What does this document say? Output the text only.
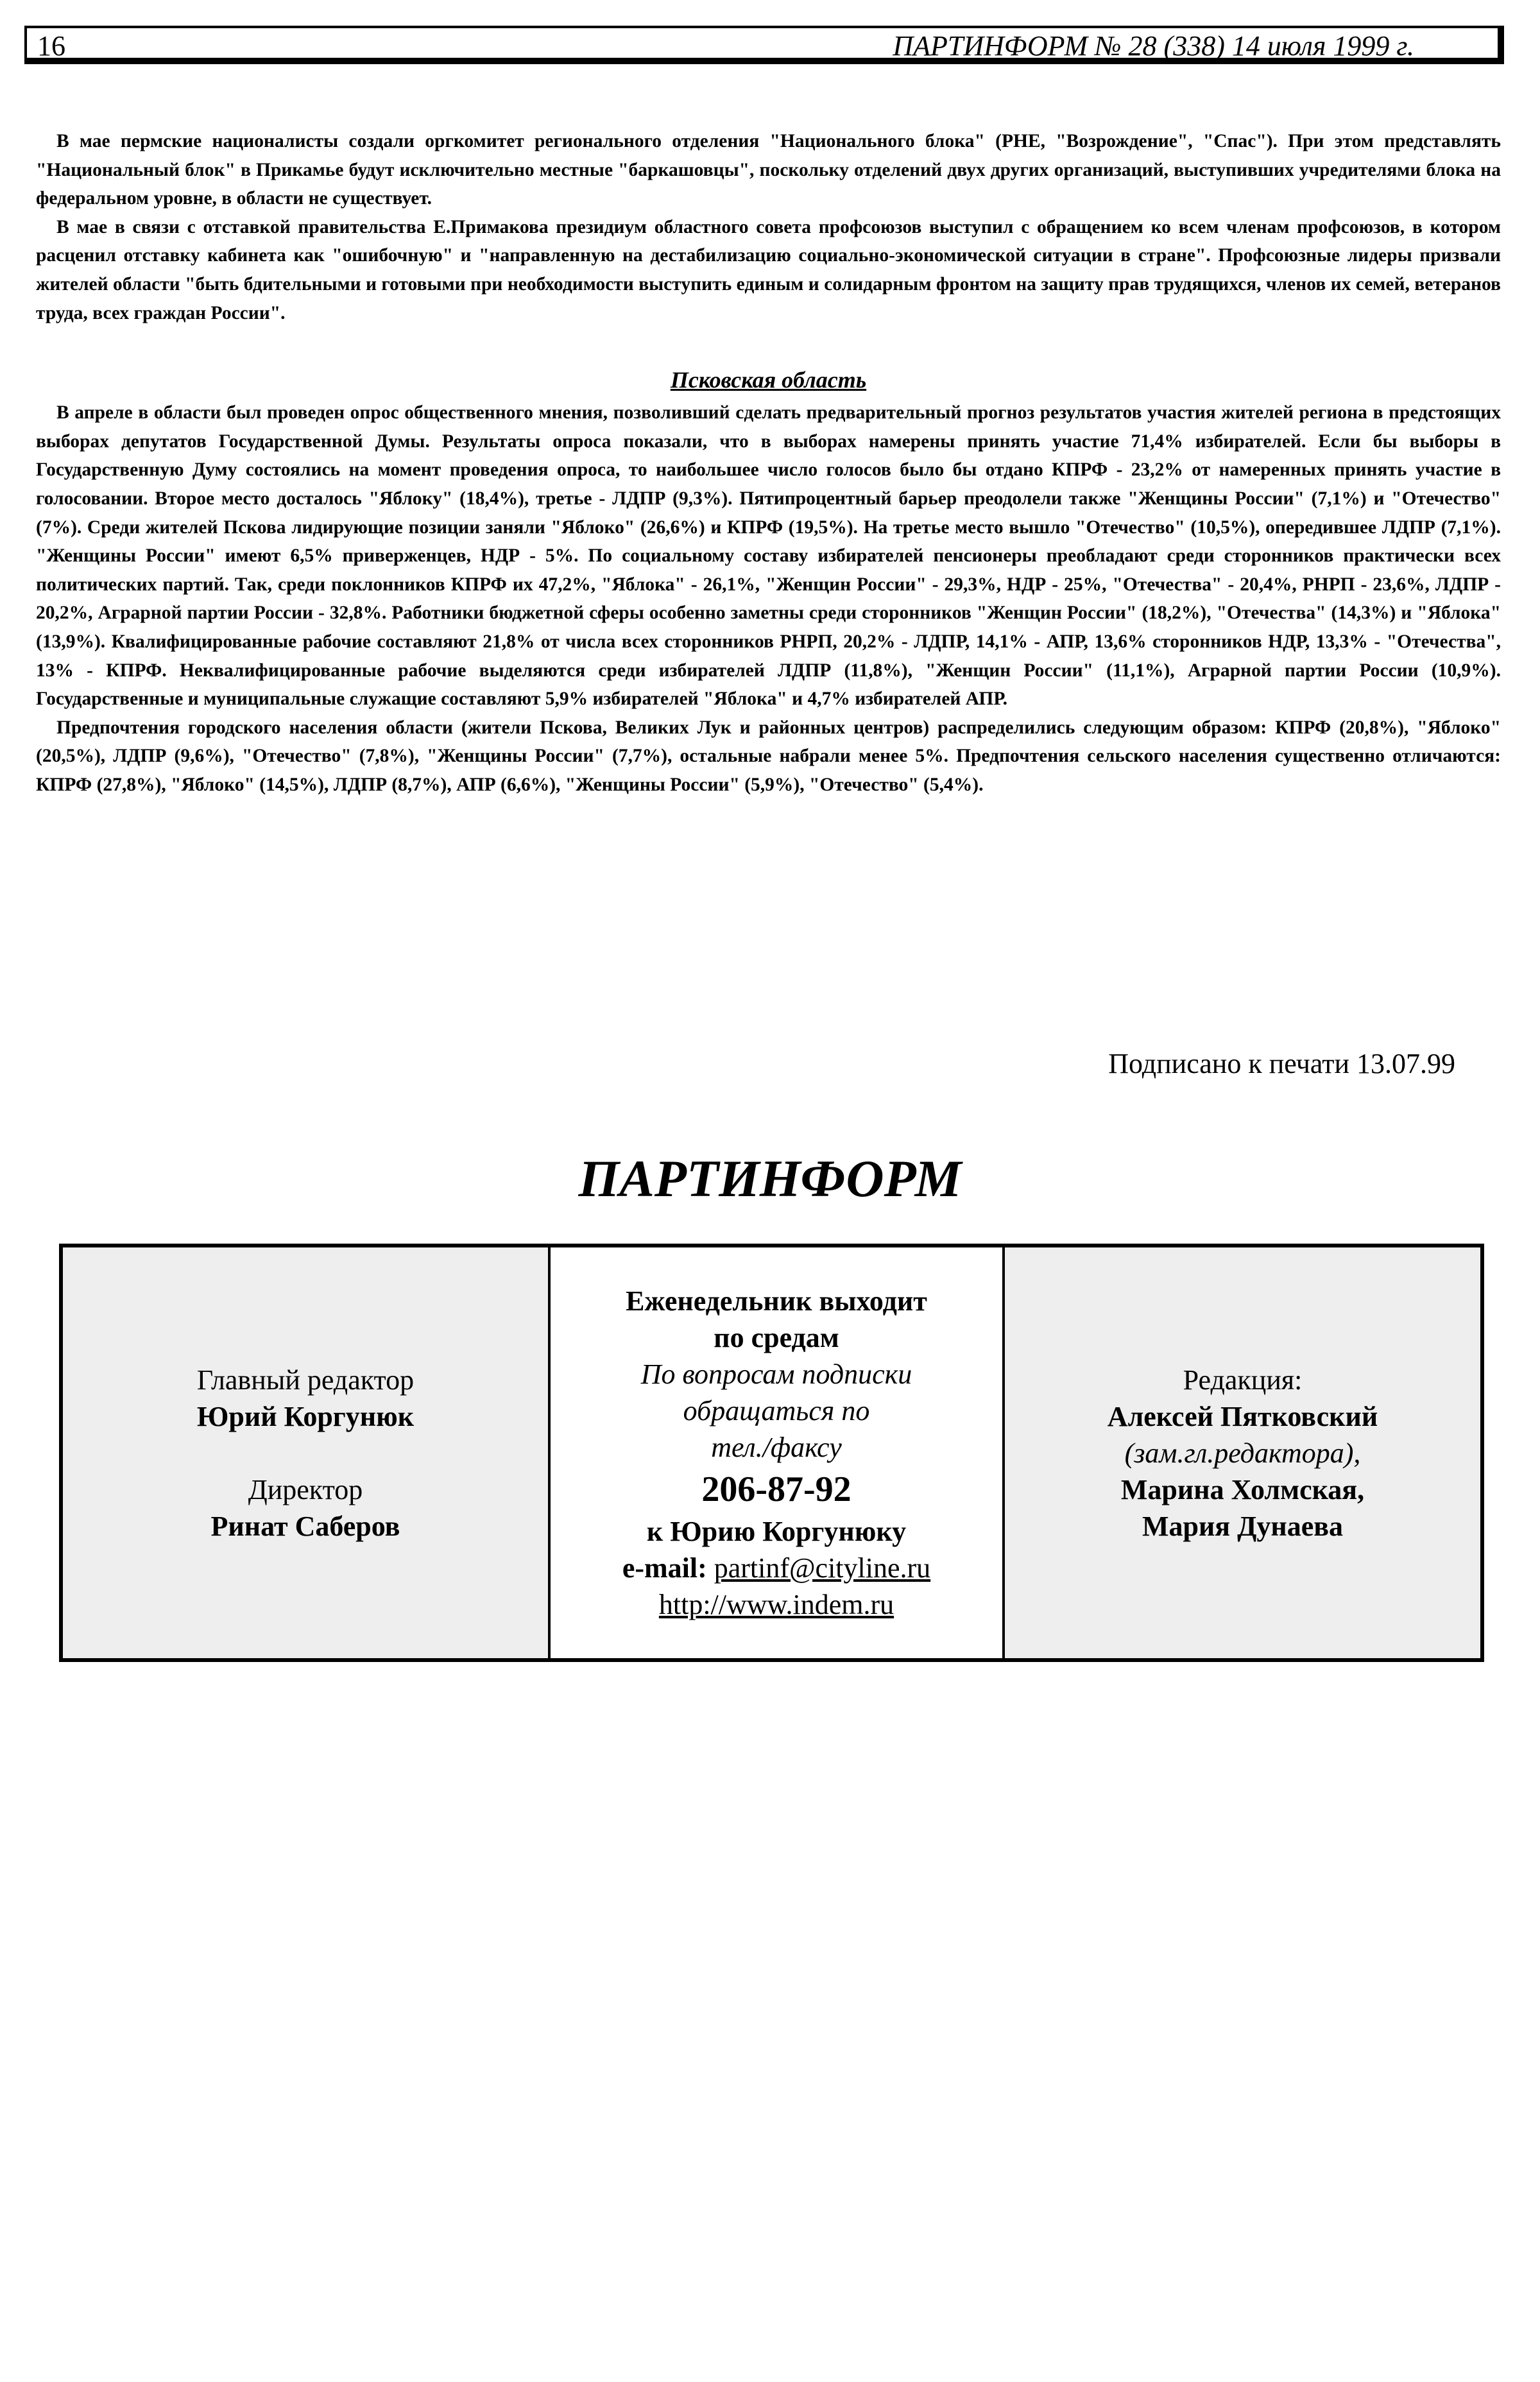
16	ПАРТИНФОРМ № 28 (338) 14 июля 1999 г.

В мае пермские националисты создали оргкомитет регионального отделения "Национального блока" (РНЕ, "Возрождение", "Спас"). При этом представлять "Национальный блок" в Прикамье будут исключительно местные "баркашовцы", поскольку отделений двух других организаций, выступивших учредителями блока на федеральном уровне, в области не существует.

В мае в связи с отставкой правительства Е.Примакова президиум областного совета профсоюзов выступил с обращением ко всем членам профсоюзов, в котором расценил отставку кабинета как "ошибочную" и "направленную на дестабилизацию социально-экономической ситуации в стране". Профсоюзные лидеры призвали жителей области "быть бдительными и готовыми при необходимости выступить единым и солидарным фронтом на защиту прав трудящихся, членов их семей, ветеранов труда, всех граждан России".

Псковская область

В апреле в области был проведен опрос общественного мнения, позволивший сделать предварительный прогноз результатов участия жителей региона в предстоящих выборах депутатов Государственной Думы. Результаты опроса показали, что в выборах намерены принять участие 71,4% избирателей. Если бы выборы в Государственную Думу состоялись на момент проведения опроса, то наибольшее число голосов было бы отдано КПРФ - 23,2% от намеренных принять участие в голосовании. Второе место досталось "Яблоку" (18,4%), третье - ЛДПР (9,3%). Пятипроцентный барьер преодолели также "Женщины России" (7,1%) и "Отечество" (7%). Среди жителей Пскова лидирующие позиции заняли "Яблоко" (26,6%) и КПРФ (19,5%). На третье место вышло "Отечество" (10,5%), опередившее ЛДПР (7,1%). "Женщины России" имеют 6,5% приверженцев, НДР - 5%. По социальному составу избирателей пенсионеры преобладают среди сторонников практически всех политических партий. Так, среди поклонников КПРФ их 47,2%, "Яблока" - 26,1%, "Женщин России" - 29,3%, НДР - 25%, "Отечества" - 20,4%, РНРП - 23,6%, ЛДПР - 20,2%, Аграрной партии России - 32,8%. Работники бюджетной сферы особенно заметны среди сторонников "Женщин России" (18,2%), "Отечества" (14,3%) и "Яблока" (13,9%). Квалифицированные рабочие составляют 21,8% от числа всех сторонников РНРП, 20,2% - ЛДПР, 14,1% - АПР, 13,6% сторонников НДР, 13,3% - "Отечества", 13% - КПРФ. Неквалифицированные рабочие выделяются среди избирателей ЛДПР (11,8%), "Женщин России" (11,1%), Аграрной партии России (10,9%). Государственные и муниципальные служащие составляют 5,9% избирателей "Яблока" и 4,7% избирателей АПР.

Предпочтения городского населения области (жители Пскова, Великих Лук и районных центров) распределились следующим образом: КПРФ (20,8%), "Яблоко" (20,5%), ЛДПР (9,6%), "Отечество" (7,8%), "Женщины России" (7,7%), остальные набрали менее 5%. Предпочтения сельского населения существенно отличаются: КПРФ (27,8%), "Яблоко" (14,5%), ЛДПР (8,7%), АПР (6,6%), "Женщины России" (5,9%), "Отечество" (5,4%).

Подписано к печати 13.07.99
ПАРТИНФОРМ
Главный редактор
Юрий Коргунюк
Директор
Ринат Саберов
Еженедельник выходит
по средам
По вопросам подписки
обращаться по
тел./факсу
206-87-92
к Юрию Коргунюку
e-mail: partinf@cityline.ru
http://www.indem.ru
Редакция:
Алексей Пятковский
(зам.гл.редактора),
Марина Холмская,
Мария Дунаева
